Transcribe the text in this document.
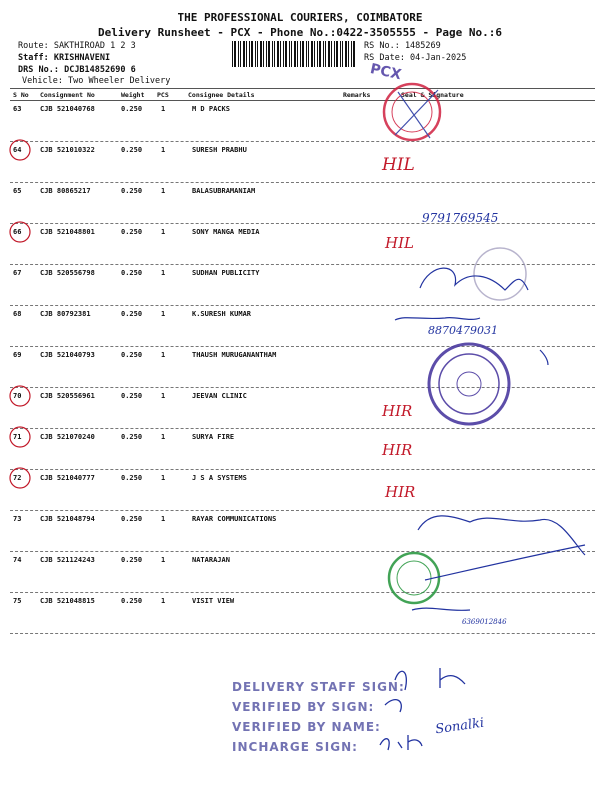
THE PROFESSIONAL COURIERS, COIMBATORE
Delivery Runsheet - PCX - Phone No.:0422-3505555 - Page No.:6
Route: SAKTHIROAD 1 2 3
Staff: KRISHNAVENI
DRS No.: DCJB14852690 6
Vehicle: Two Wheeler Delivery
RS No.: 1485269
RS Date: 04-Jan-2025
S No Consignment No	Weight PCS	Consignee Details	Remarks	Seal & Signature
63	CJB 521040768	0.250	1	M D PACKS
64	CJB 521010322	0.250	1	SURESH PRABHU
65	CJB 80865217	0.250	1	BALASUBRAMANIAM
66	CJB 521048801	0.250	1	SONY MANGA MEDIA
67	CJB 520556798	0.250	1	SUDHAN PUBLICITY
68	CJB 80792381	0.250	1	K.SURESH KUMAR
69	CJB 521040793	0.250	1	THAUSH MURUGANANTHAM
70	CJB 520556961	0.250	1	JEEVAN CLINIC
71	CJB 521070240	0.250	1	SURYA FIRE
72	CJB 521040777	0.250	1	J S A SYSTEMS
73	CJB 521048794	0.250	1	RAYAR COMMUNICATIONS
74	CJB 521124243	0.250	1	NATARAJAN
75	CJB 521048815	0.250	1	VISIT VIEW
PCX
HIL
9791769545
HIL
8870479031
HIR
HIR
HIR
6369012846
Sonalki
DELIVERY STAFF SIGN:
VERIFIED BY SIGN:
VERIFIED BY NAME:
INCHARGE SIGN:
